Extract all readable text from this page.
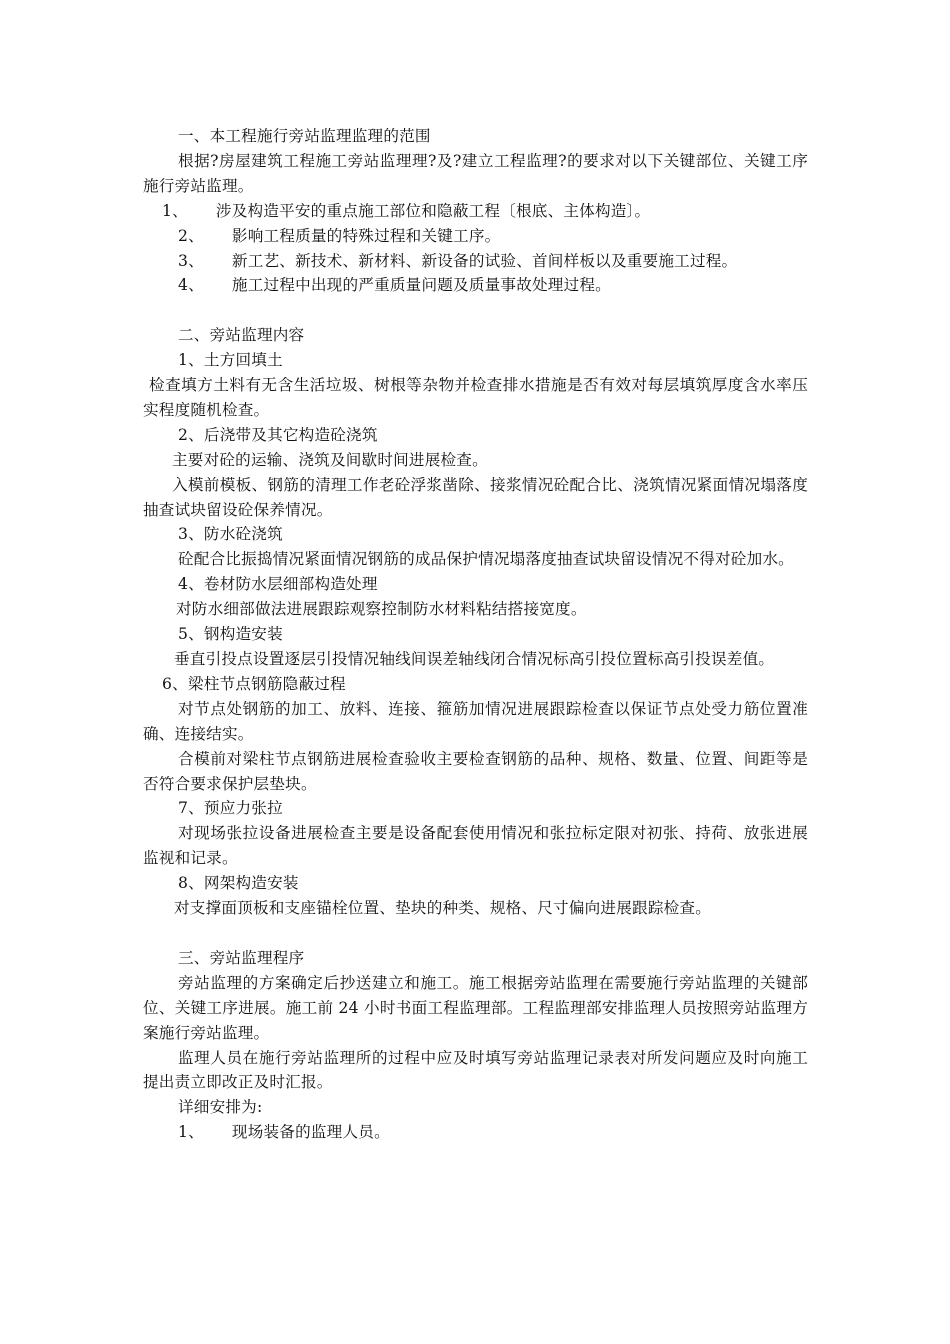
一、本工程施行旁站监理监理的范围
根据?房屋建筑工程施工旁站监理理?及?建立工程监理?的要求对以下关键部位、关键工序施行旁站监理。
1、 涉及构造平安的重点施工部位和隐蔽工程〔根底、主体构造〕。
2、 影响工程质量的特殊过程和关键工序。
3、 新工艺、新技术、新材料、新设备的试验、首间样板以及重要施工过程。
4、 施工过程中出现的严重质量问题及质量事故处理过程。
二、旁站监理内容
1、土方回填土
检查填方土料有无含生活垃圾、树根等杂物并检查排水措施是否有效对每层填筑厚度含水率压实程度随机检查。
2、后浇带及其它构造砼浇筑
主要对砼的运输、浇筑及间歇时间进展检查。
入模前模板、钢筋的清理工作老砼浮浆凿除、接浆情况砼配合比、浇筑情况紧面情况塌落度抽查试块留设砼保养情况。
3、防水砼浇筑
砼配合比振捣情况紧面情况钢筋的成品保护情况塌落度抽查试块留设情况不得对砼加水。
4、卷材防水层细部构造处理
对防水细部做法进展跟踪观察控制防水材料粘结搭接宽度。
5、钢构造安装
垂直引投点设置逐层引投情况轴线间误差轴线闭合情况标高引投位置标高引投误差值。
6、梁柱节点钢筋隐蔽过程
对节点处钢筋的加工、放料、连接、箍筋加情况进展跟踪检查以保证节点处受力筋位置准确、连接结实。
合模前对梁柱节点钢筋进展检查验收主要检查钢筋的品种、规格、数量、位置、间距等是否符合要求保护层垫块。
7、预应力张拉
对现场张拉设备进展检查主要是设备配套使用情况和张拉标定限对初张、持荷、放张进展监视和记录。
8、网架构造安装
对支撑面顶板和支座锚栓位置、垫块的种类、规格、尺寸偏向进展跟踪检查。
三、旁站监理程序
旁站监理的方案确定后抄送建立和施工。施工根据旁站监理在需要施行旁站监理的关键部位、关键工序进展。施工前 24 小时书面工程监理部。工程监理部安排监理人员按照旁站监理方案施行旁站监理。
监理人员在施行旁站监理所的过程中应及时填写旁站监理记录表对所发问题应及时向施工提出责立即改正及时汇报。
详细安排为:
1、 现场装备的监理人员。
